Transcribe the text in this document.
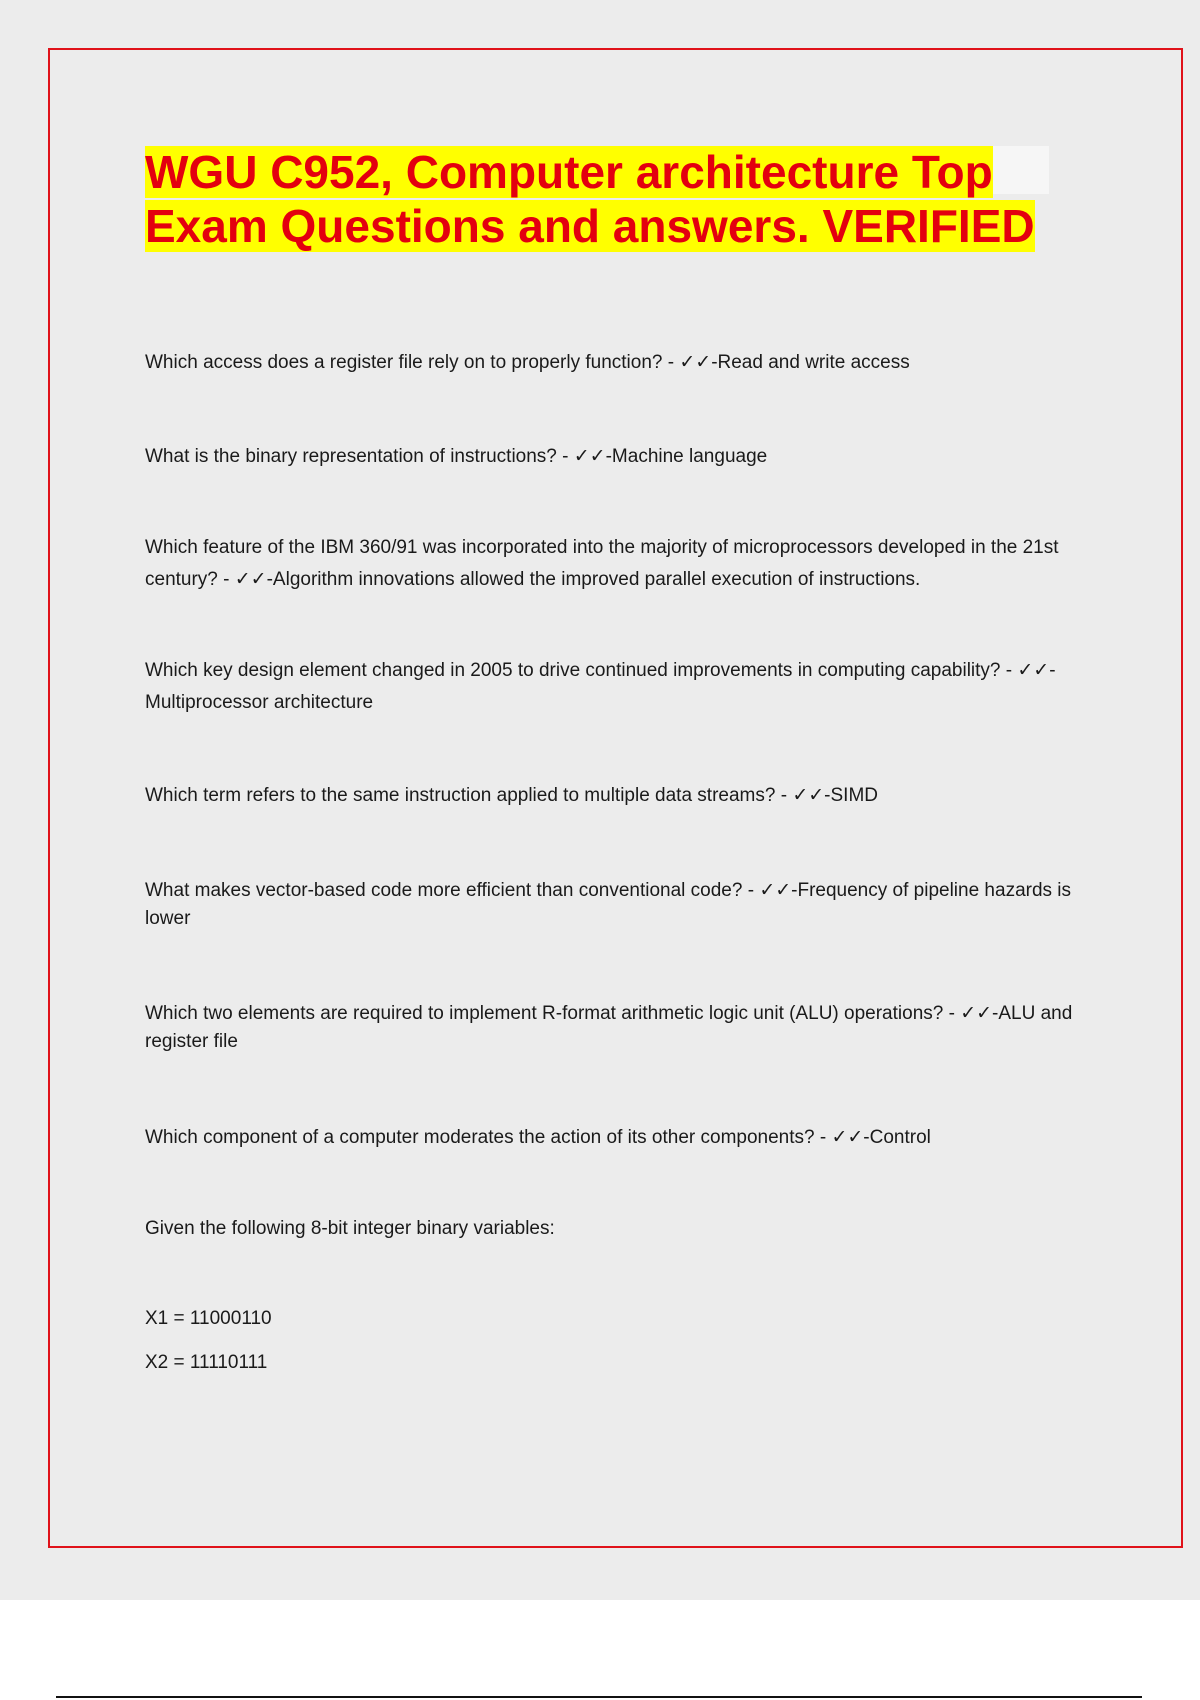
WGU C952, Computer architecture Top
Exam Questions and answers. VERIFIED

Which access does a register file rely on to properly function? - ✓✓-Read and write access

What is the binary representation of instructions? - ✓✓-Machine language

Which feature of the IBM 360/91 was incorporated into the majority of microprocessors developed in the 21st century? - ✓✓-Algorithm innovations allowed the improved parallel execution of instructions.

Which key design element changed in 2005 to drive continued improvements in computing capability? - ✓✓-Multiprocessor architecture

Which term refers to the same instruction applied to multiple data streams? - ✓✓-SIMD

What makes vector-based code more efficient than conventional code? - ✓✓-Frequency of pipeline hazards is lower

Which two elements are required to implement R-format arithmetic logic unit (ALU) operations? - ✓✓-ALU and register file

Which component of a computer moderates the action of its other components? - ✓✓-Control

Given the following 8-bit integer binary variables:

X1 = 11000110

X2 = 11110111
